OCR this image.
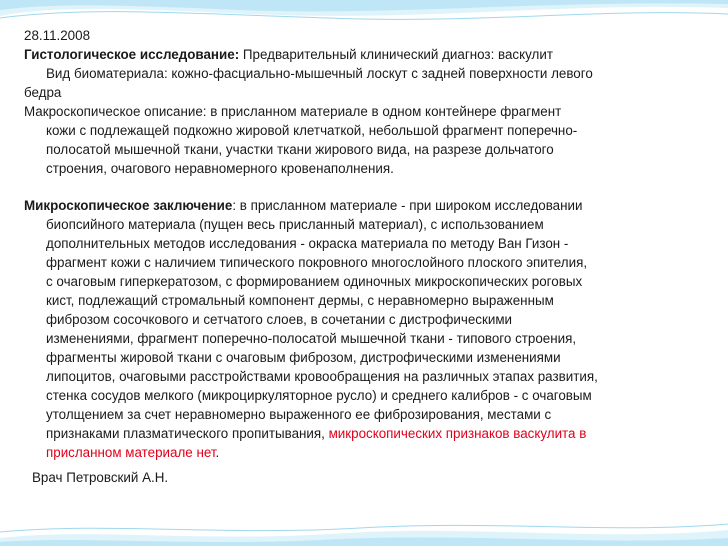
28.11.2008
Гистологическое исследование: Предварительный клинический диагноз: васкулит
Вид биоматериала: кожно-фасциально-мышечный лоскут с задней поверхности левого
бедра
Макроскопическое описание: в присланном материале в одном контейнере фрагмент
кожи с подлежащей подкожно жировой клетчаткой, небольшой фрагмент поперечно-
полосатой мышечной ткани, участки ткани жирового вида, на разрезе дольчатого
строения, очагового неравномерного кровенаполнения.
Микроскопическое заключение: в присланном материале - при широком исследовании
биопсийного материала (пущен весь присланный материал), с использованием
дополнительных методов исследования - окраска материала по методу Ван Гизон -
фрагмент кожи с наличием типического покровного многослойного плоского эпителия,
с очаговым гиперкератозом, с формированием одиночных микроскопических роговых
кист, подлежащий стромальный компонент дермы, с неравномерно выраженным
фиброзом сосочкового и сетчатого слоев, в сочетании с дистрофическими
изменениями, фрагмент поперечно-полосатой мышечной ткани - типового строения,
фрагменты жировой ткани с очаговым фиброзом, дистрофическими изменениями
липоцитов, очаговыми расстройствами кровообращения на различных этапах развития,
стенка сосудов мелкого (микроциркуляторное русло) и среднего калибров - с очаговым
утолщением за счет неравномерно выраженного ее фиброзирования, местами с
признаками плазматического пропитывания, микроскопических признаков васкулита в
присланном материале нет.
Врач Петровский А.Н.
